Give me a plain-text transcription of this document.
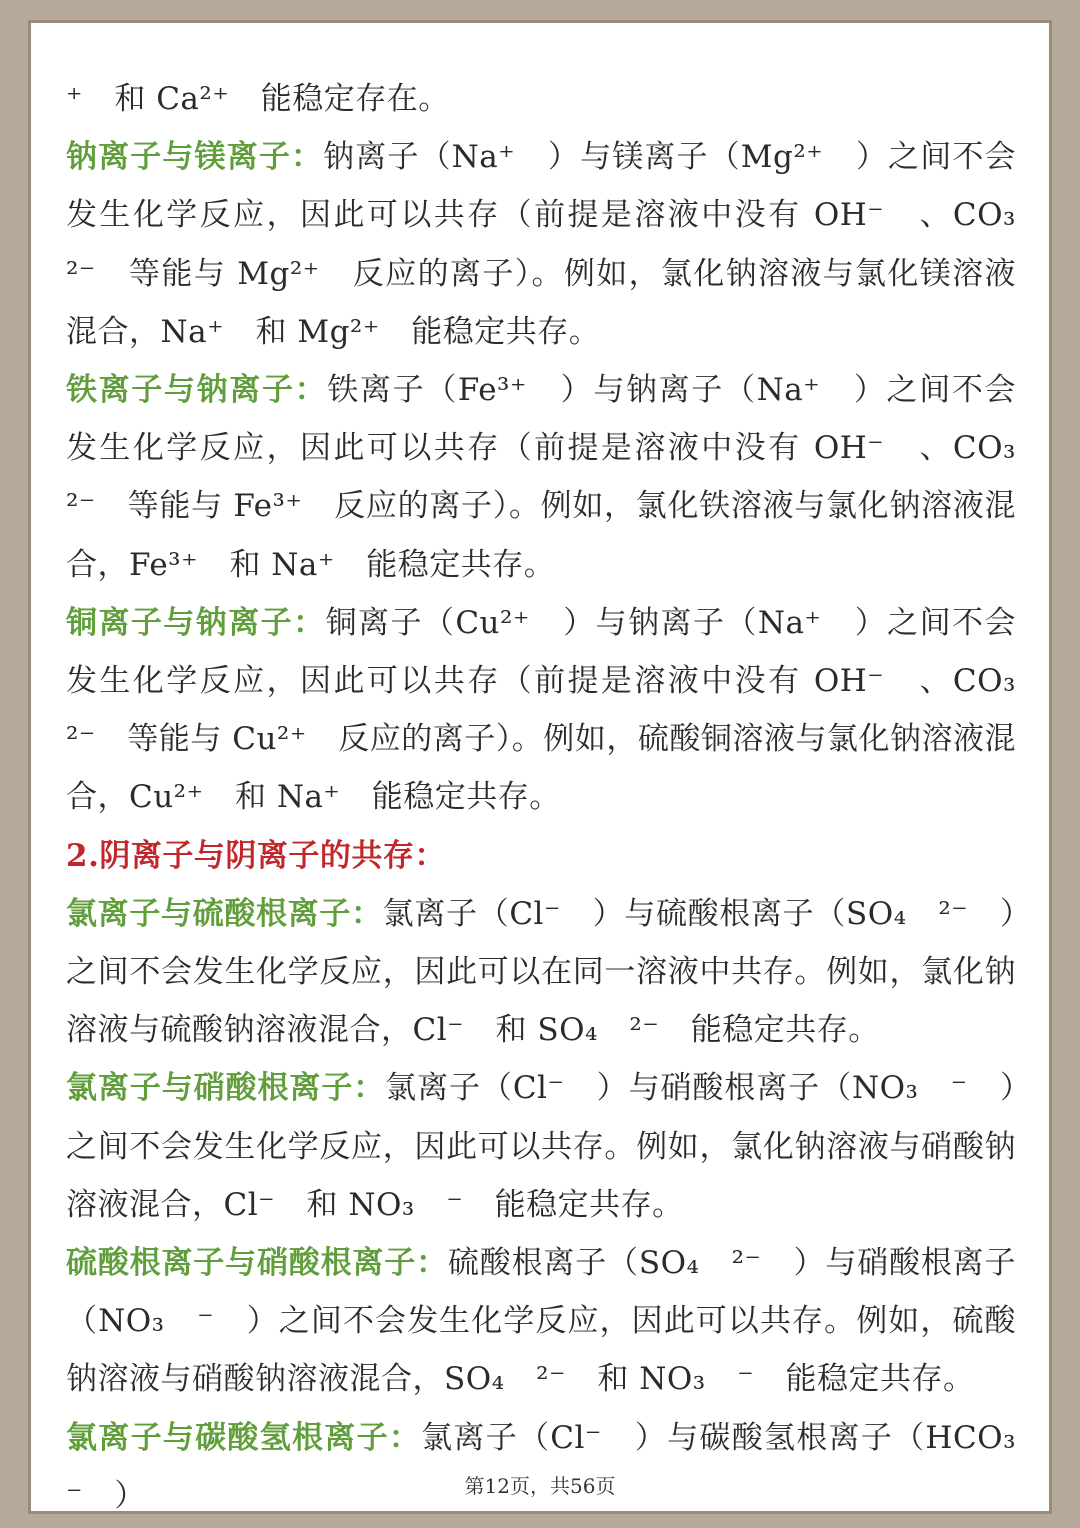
⁺　和 Ca²⁺　能稳定存在。

钠离子与镁离子：钠离子（Na⁺　）与镁离子（Mg²⁺　）之间不会发生化学反应，因此可以共存（前提是溶液中没有 OH⁻　、CO₃　²⁻　等能与 Mg²⁺　反应的离子）。例如，氯化钠溶液与氯化镁溶液混合，Na⁺　和 Mg²⁺　能稳定共存。

铁离子与钠离子：铁离子（Fe³⁺　）与钠离子（Na⁺　）之间不会发生化学反应，因此可以共存（前提是溶液中没有 OH⁻　、CO₃　²⁻　等能与 Fe³⁺　反应的离子）。例如，氯化铁溶液与氯化钠溶液混合，Fe³⁺　和 Na⁺　能稳定共存。

铜离子与钠离子：铜离子（Cu²⁺　）与钠离子（Na⁺　）之间不会发生化学反应，因此可以共存（前提是溶液中没有 OH⁻　、CO₃　²⁻　等能与 Cu²⁺　反应的离子）。例如，硫酸铜溶液与氯化钠溶液混合，Cu²⁺　和 Na⁺　能稳定共存。

2.阴离子与阴离子的共存：

氯离子与硫酸根离子：氯离子（Cl⁻　）与硫酸根离子（SO₄　²⁻　）之间不会发生化学反应，因此可以在同一溶液中共存。例如，氯化钠溶液与硫酸钠溶液混合，Cl⁻　和 SO₄　²⁻　能稳定共存。

氯离子与硝酸根离子：氯离子（Cl⁻　）与硝酸根离子（NO₃　⁻　）之间不会发生化学反应，因此可以共存。例如，氯化钠溶液与硝酸钠溶液混合，Cl⁻　和 NO₃　⁻　能稳定共存。

硫酸根离子与硝酸根离子：硫酸根离子（SO₄　²⁻　）与硝酸根离子（NO₃　⁻　）之间不会发生化学反应，因此可以共存。例如，硫酸钠溶液与硝酸钠溶液混合，SO₄　²⁻　和 NO₃　⁻　能稳定共存。

氯离子与碳酸氢根离子：氯离子（Cl⁻　）与碳酸氢根离子（HCO₃　⁻　）	第12页，共56页
